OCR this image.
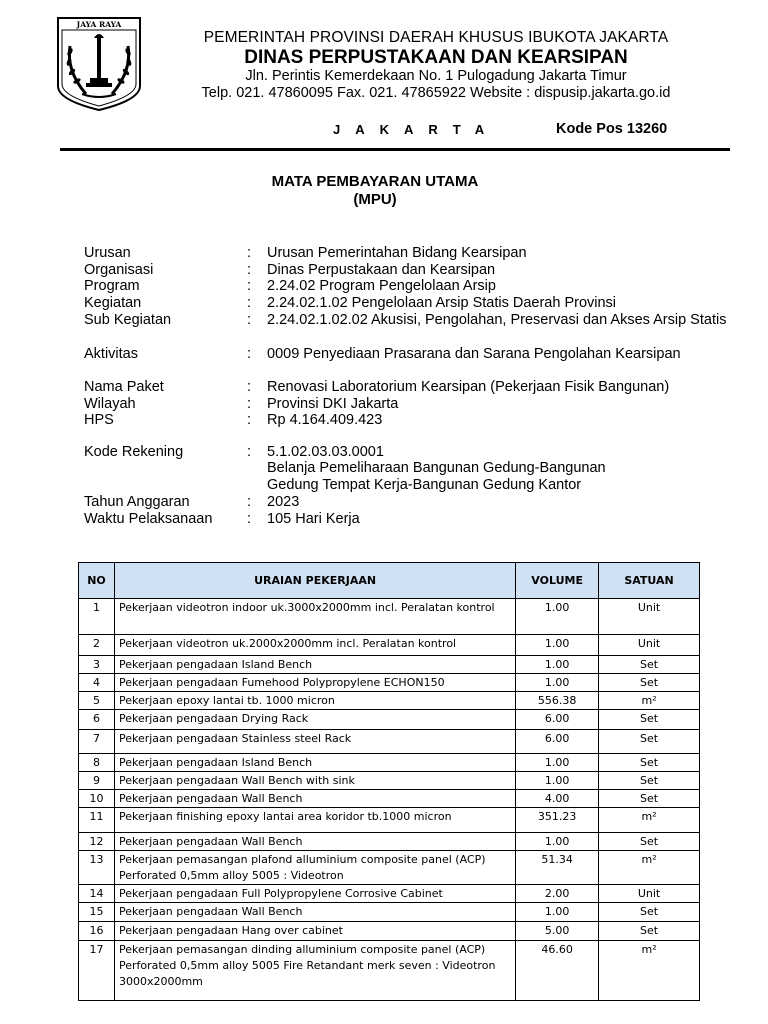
JAYA RAYA
PEMERINTAH PROVINSI DAERAH KHUSUS IBUKOTA JAKARTA
DINAS PERPUSTAKAAN DAN KEARSIPAN
Jln. Perintis Kemerdekaan No. 1 Pulogadung Jakarta Timur
Telp. 021. 47860095 Fax. 021. 47865922 Website : dispusip.jakarta.go.id
JAKARTA	Kode Pos 13260
MATA PEMBAYARAN UTAMA
(MPU)
Urusan	: Urusan Pemerintahan Bidang Kearsipan
Organisasi	: Dinas Perpustakaan dan Kearsipan
Program	: 2.24.02 Program Pengelolaan Arsip
Kegiatan	: 2.24.02.1.02 Pengelolaan Arsip Statis Daerah Provinsi
Sub Kegiatan	: 2.24.02.1.02.02 Akusisi, Pengolahan, Preservasi dan Akses Arsip Statis
Aktivitas	: 0009 Penyediaan Prasarana dan Sarana Pengolahan Kearsipan
Nama Paket	: Renovasi Laboratorium Kearsipan (Pekerjaan Fisik Bangunan)
Wilayah	: Provinsi DKI Jakarta
HPS	: Rp 4.164.409.423
Kode Rekening	: 5.1.02.03.03.0001
Belanja Pemeliharaan Bangunan Gedung-Bangunan Gedung Tempat Kerja-Bangunan Gedung Kantor
Tahun Anggaran	: 2023
Waktu Pelaksanaan : 105 Hari Kerja
NO	URAIAN PEKERJAAN	VOLUME	SATUAN
1	Pekerjaan videotron indoor uk.3000x2000mm incl. Peralatan kontrol	1.00	Unit
2	Pekerjaan videotron uk.2000x2000mm incl. Peralatan kontrol	1.00	Unit
3	Pekerjaan pengadaan Island Bench	1.00	Set
4	Pekerjaan pengadaan Fumehood Polypropylene ECHON150	1.00	Set
5	Pekerjaan epoxy lantai tb. 1000 micron	556.38	m²
6	Pekerjaan pengadaan Drying Rack	6.00	Set
7	Pekerjaan pengadaan Stainless steel Rack	6.00	Set
8	Pekerjaan pengadaan Island Bench	1.00	Set
9	Pekerjaan pengadaan Wall Bench with sink	1.00	Set
10	Pekerjaan pengadaan Wall Bench	4.00	Set
11	Pekerjaan finishing epoxy lantai area koridor tb.1000 micron	351.23	m²
12	Pekerjaan pengadaan Wall Bench	1.00	Set
13	Pekerjaan pemasangan plafond alluminium composite panel (ACP) Perforated 0,5mm alloy 5005 : Videotron	51.34	m²
14	Pekerjaan pengadaan Full Polypropylene Corrosive Cabinet	2.00	Unit
15	Pekerjaan pengadaan Wall Bench	1.00	Set
16	Pekerjaan pengadaan Hang over cabinet	5.00	Set
17	Pekerjaan pemasangan dinding alluminium composite panel (ACP) Perforated 0,5mm alloy 5005 Fire Retandant merk seven : Videotron 3000x2000mm	46.60	m²
